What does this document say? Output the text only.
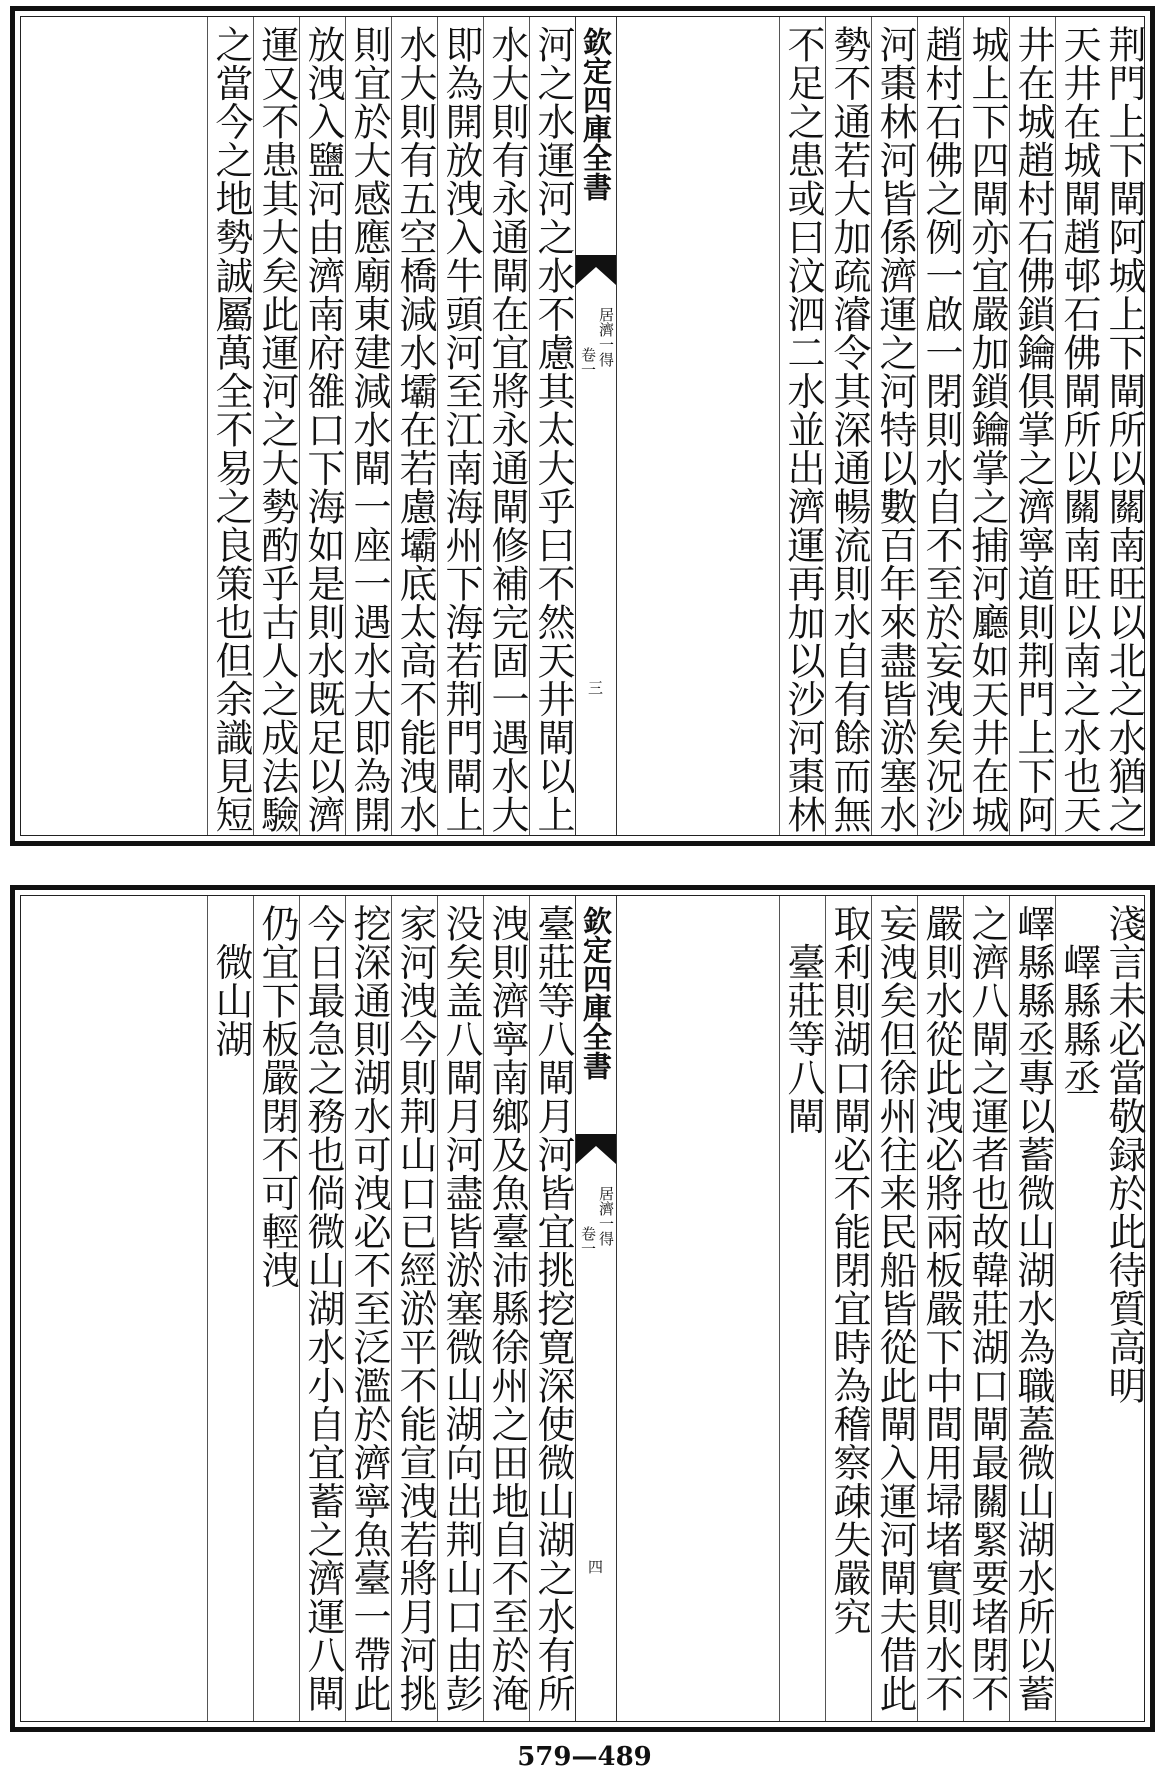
荆門上下閘阿城上下閘所以關南旺以北之水猶之
天井在城閘趙邨石佛閘所以關南旺以南之水也天
井在城趙村石佛鎖鑰俱掌之濟寧道則荆門上下阿
城上下四閘亦宜嚴加鎖鑰掌之捕河廳如天井在城
趙村石佛之例一啟一閉則水自不至於妄洩矣况沙
河棗林河皆係濟運之河特以數百年來盡皆淤塞水
勢不通若大加疏濬令其深通暢流則水自有餘而無
不足之患或曰汶泗二水並出濟運再加以沙河棗林
欽定四庫全書
居濟一得
卷一
三
河之水運河之水不慮其太大乎曰不然天井閘以上
水大則有永通閘在宜將永通閘修補完固一遇水大
即為開放洩入牛頭河至江南海州下海若荆門閘上
水大則有五空橋減水壩在若慮壩底太高不能洩水
則宜於大感應廟東建減水閘一座一遇水大即為開
放洩入鹽河由濟南府雒口下海如是則水既足以濟
運又不患其大矣此運河之大勢酌乎古人之成法驗
之當今之地勢誠屬萬全不易之良策也但余識見短
淺言未必當敬録於此待質高明
　嶧縣縣丞
嶧縣縣丞專以蓄微山湖水為職蓋微山湖水所以蓄
之濟八閘之運者也故韓莊湖口閘最關緊要堵閉不
嚴則水從此洩必將兩板嚴下中間用埽堵實則水不
妄洩矣但徐州往来民船皆從此閘入運河閘夫借此
取利則湖口閘必不能閉宜時為稽察疎失嚴究
　臺莊等八閘
欽定四庫全書
居濟一得
卷一
四
臺莊等八閘月河皆宜挑挖寛深使微山湖之水有所
洩則濟寧南鄉及魚臺沛縣徐州之田地自不至於淹
没矣盖八閘月河盡皆淤塞微山湖向出荆山口由彭
家河洩今則荆山口已經淤平不能宣洩若將月河挑
挖深通則湖水可洩必不至泛濫於濟寧魚臺一帶此
今日最急之務也倘微山湖水小自宜蓄之濟運八閘
仍宜下板嚴閉不可輕洩
　微山湖
579—489
